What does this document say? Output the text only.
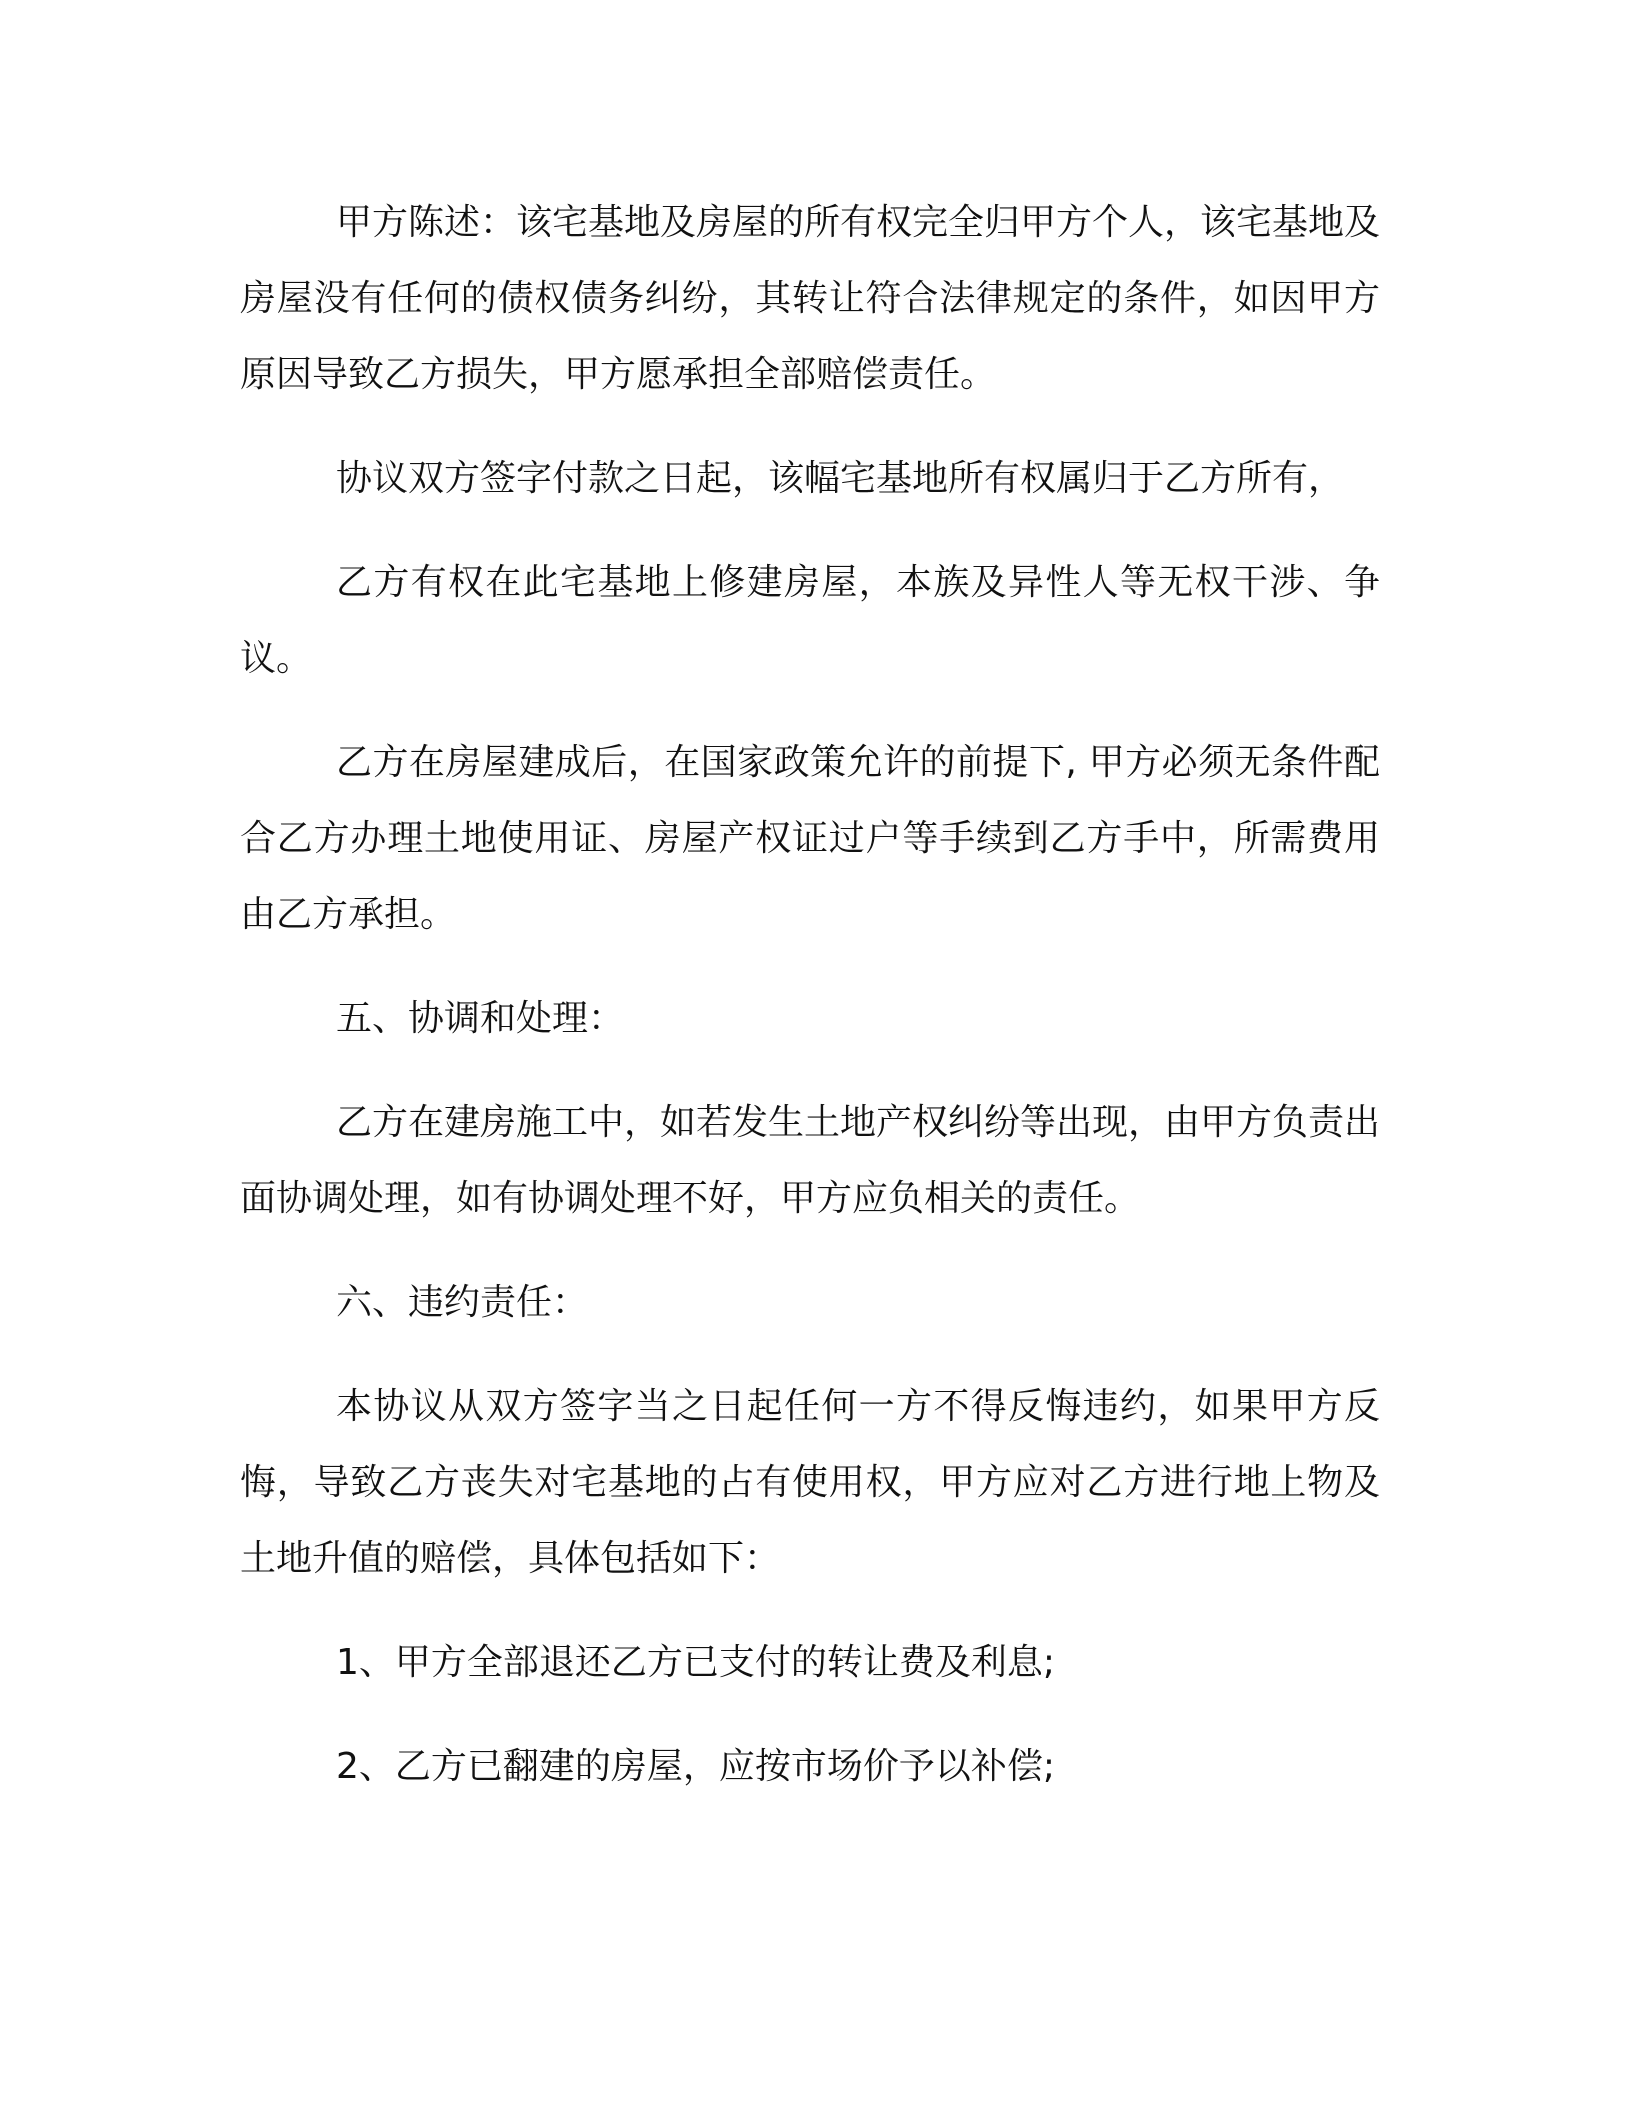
甲方陈述：该宅基地及房屋的所有权完全归甲方个人，该宅基地及房屋没有任何的债权债务纠纷，其转让符合法律规定的条件，如因甲方原因导致乙方损失，甲方愿承担全部赔偿责任。

协议双方签字付款之日起，该幅宅基地所有权属归于乙方所有，

乙方有权在此宅基地上修建房屋，本族及异性人等无权干涉、争议。

乙方在房屋建成后，在国家政策允许的前提下, 甲方必须无条件配合乙方办理土地使用证、房屋产权证过户等手续到乙方手中，所需费用由乙方承担。

五、协调和处理：

乙方在建房施工中，如若发生土地产权纠纷等出现，由甲方负责出面协调处理，如有协调处理不好，甲方应负相关的责任。

六、违约责任：

本协议从双方签字当之日起任何一方不得反悔违约，如果甲方反悔，导致乙方丧失对宅基地的占有使用权，甲方应对乙方进行地上物及土地升值的赔偿，具体包括如下：

1、甲方全部退还乙方已支付的转让费及利息;

2、乙方已翻建的房屋，应按市场价予以补偿;
